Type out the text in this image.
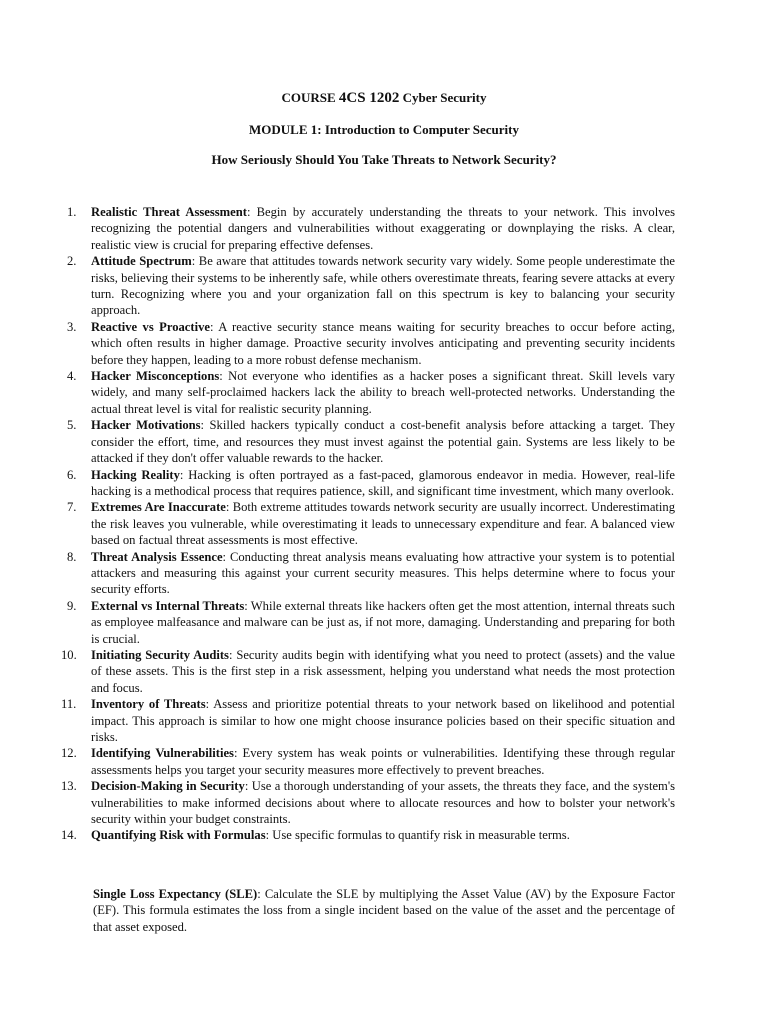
COURSE 4CS 1202 Cyber Security
MODULE 1: Introduction to Computer Security
How Seriously Should You Take Threats to Network Security?
1. Realistic Threat Assessment: Begin by accurately understanding the threats to your network. This involves recognizing the potential dangers and vulnerabilities without exaggerating or downplaying the risks. A clear, realistic view is crucial for preparing effective defenses.
2. Attitude Spectrum: Be aware that attitudes towards network security vary widely. Some people underestimate the risks, believing their systems to be inherently safe, while others overestimate threats, fearing severe attacks at every turn. Recognizing where you and your organization fall on this spectrum is key to balancing your security approach.
3. Reactive vs Proactive: A reactive security stance means waiting for security breaches to occur before acting, which often results in higher damage. Proactive security involves anticipating and preventing security incidents before they happen, leading to a more robust defense mechanism.
4. Hacker Misconceptions: Not everyone who identifies as a hacker poses a significant threat. Skill levels vary widely, and many self-proclaimed hackers lack the ability to breach well-protected networks. Understanding the actual threat level is vital for realistic security planning.
5. Hacker Motivations: Skilled hackers typically conduct a cost-benefit analysis before attacking a target. They consider the effort, time, and resources they must invest against the potential gain. Systems are less likely to be attacked if they don't offer valuable rewards to the hacker.
6. Hacking Reality: Hacking is often portrayed as a fast-paced, glamorous endeavor in media. However, real-life hacking is a methodical process that requires patience, skill, and significant time investment, which many overlook.
7. Extremes Are Inaccurate: Both extreme attitudes towards network security are usually incorrect. Underestimating the risk leaves you vulnerable, while overestimating it leads to unnecessary expenditure and fear. A balanced view based on factual threat assessments is most effective.
8. Threat Analysis Essence: Conducting threat analysis means evaluating how attractive your system is to potential attackers and measuring this against your current security measures. This helps determine where to focus your security efforts.
9. External vs Internal Threats: While external threats like hackers often get the most attention, internal threats such as employee malfeasance and malware can be just as, if not more, damaging. Understanding and preparing for both is crucial.
10. Initiating Security Audits: Security audits begin with identifying what you need to protect (assets) and the value of these assets. This is the first step in a risk assessment, helping you understand what needs the most protection and focus.
11. Inventory of Threats: Assess and prioritize potential threats to your network based on likelihood and potential impact. This approach is similar to how one might choose insurance policies based on their specific situation and risks.
12. Identifying Vulnerabilities: Every system has weak points or vulnerabilities. Identifying these through regular assessments helps you target your security measures more effectively to prevent breaches.
13. Decision-Making in Security: Use a thorough understanding of your assets, the threats they face, and the system's vulnerabilities to make informed decisions about where to allocate resources and how to bolster your network's security within your budget constraints.
14. Quantifying Risk with Formulas: Use specific formulas to quantify risk in measurable terms.
Single Loss Expectancy (SLE): Calculate the SLE by multiplying the Asset Value (AV) by the Exposure Factor (EF). This formula estimates the loss from a single incident based on the value of the asset and the percentage of that asset exposed.
